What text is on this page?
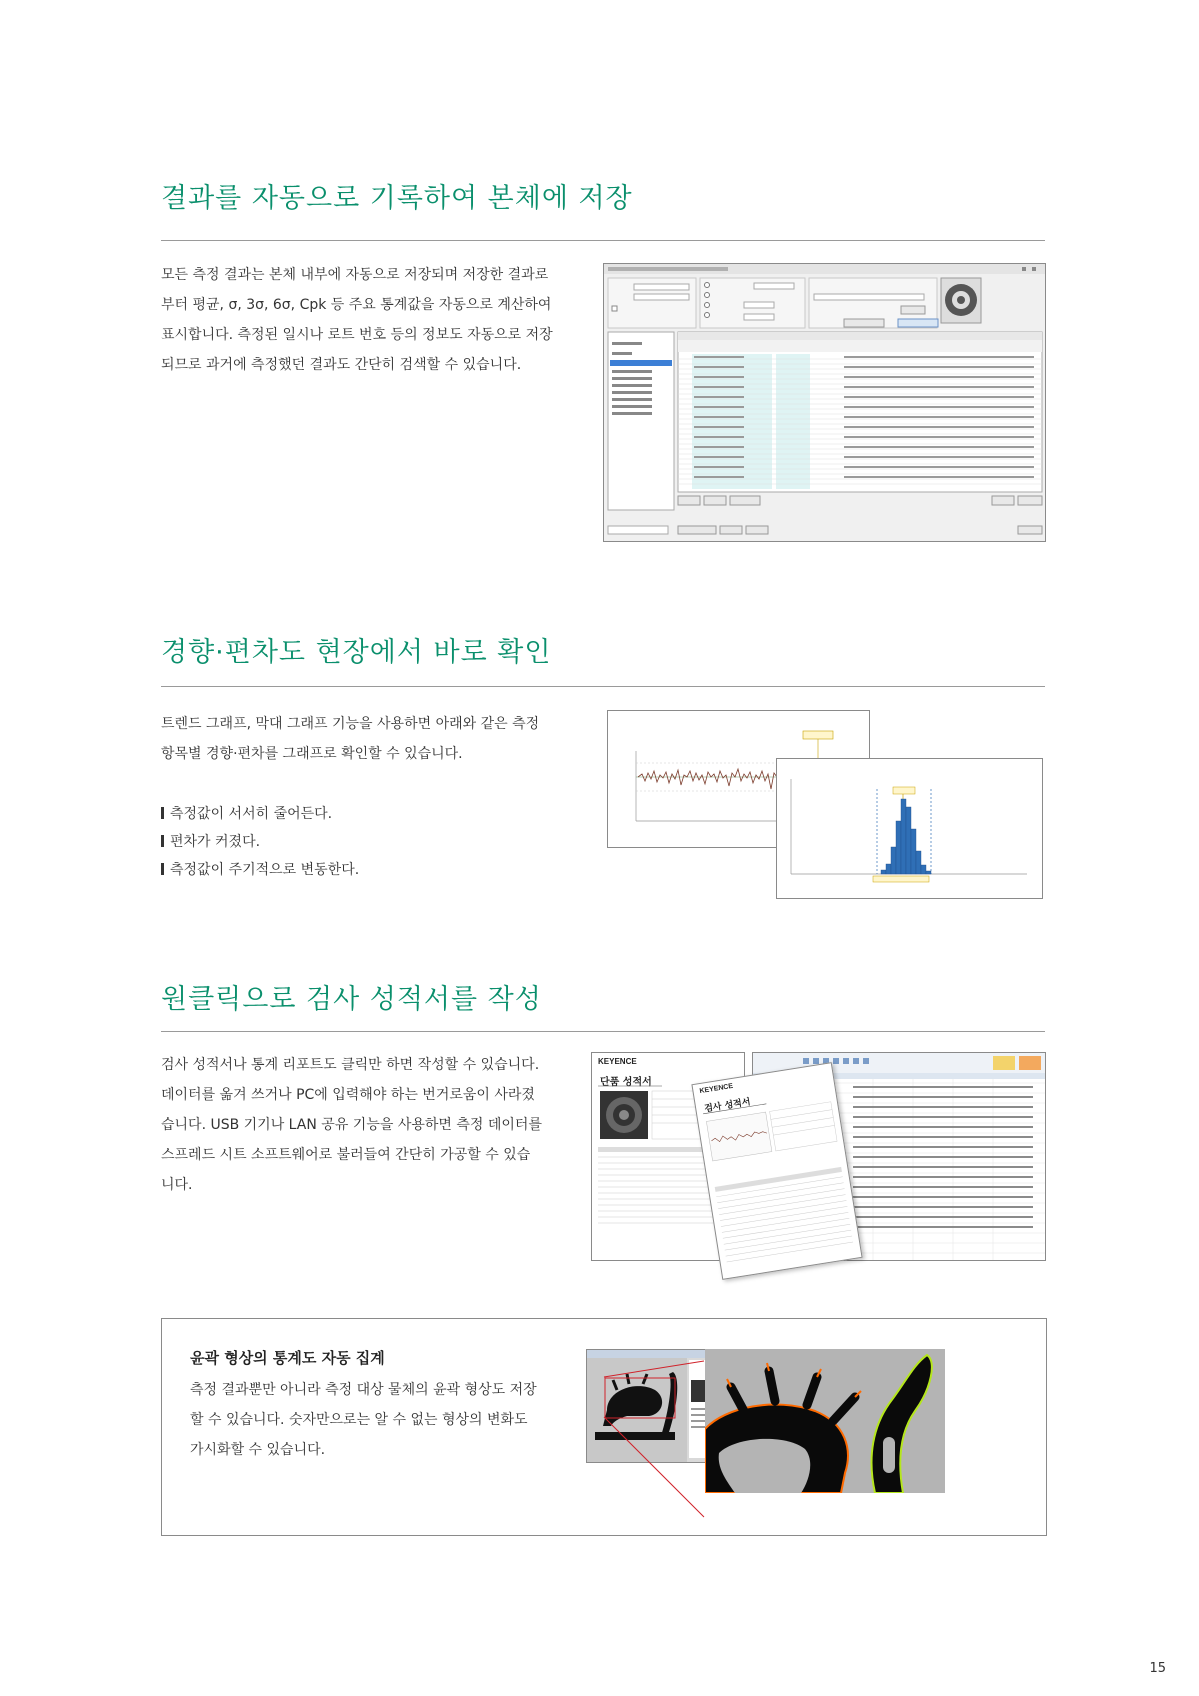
결과를 자동으로 기록하여 본체에 저장

모든 측정 결과는 본체 내부에 자동으로 저장되며 저장한 결과로
부터 평균, σ, 3σ, 6σ, Cpk 등 주요 통계값을 자동으로 계산하여
표시합니다. 측정된 일시나 로트 번호 등의 정보도 자동으로 저장
되므로 과거에 측정했던 결과도 간단히 검색할 수 있습니다.

경향·편차도 현장에서 바로 확인

트렌드 그래프, 막대 그래프 기능을 사용하면 아래와 같은 측정
항목별 경향·편차를 그래프로 확인할 수 있습니다.

측정값이 서서히 줄어든다.
편차가 커졌다.
측정값이 주기적으로 변동한다.
원클릭으로 검사 성적서를 작성

검사 성적서나 통계 리포트도 클릭만 하면 작성할 수 있습니다.
데이터를 옮겨 쓰거나 PC에 입력해야 하는 번거로움이 사라졌
습니다. USB 기기나 LAN 공유 기능을 사용하면 측정 데이터를
스프레드 시트 소프트웨어로 불러들여 간단히 가공할 수 있습
니다.

KEYENCE
단품 성적서
KEYENCE
검사 성적서
윤곽 형상의 통계도 자동 집계
측정 결과뿐만 아니라 측정 대상 물체의 윤곽 형상도 저장
할 수 있습니다. 숫자만으로는 알 수 없는 형상의 변화도
가시화할 수 있습니다.
15
